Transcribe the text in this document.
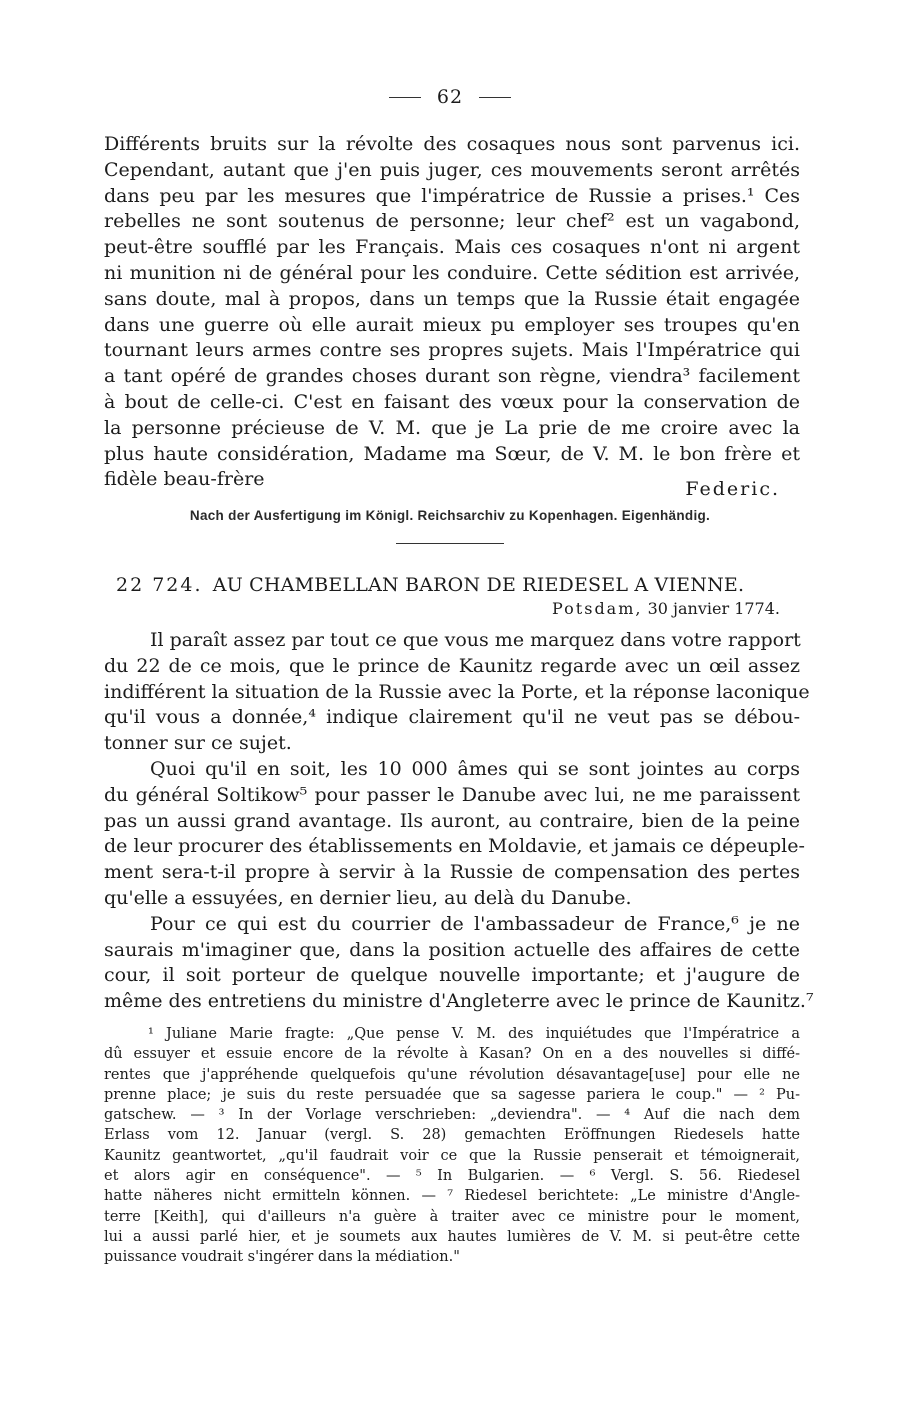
62
Différents bruits sur la révolte des cosaques nous sont parvenus ici.
Cependant, autant que j'en puis juger, ces mouvements seront arrêtés
dans peu par les mesures que l'impératrice de Russie a prises.¹ Ces
rebelles ne sont soutenus de personne; leur chef² est un vagabond,
peut-être soufflé par les Français. Mais ces cosaques n'ont ni argent
ni munition ni de général pour les conduire. Cette sédition est arrivée,
sans doute, mal à propos, dans un temps que la Russie était engagée
dans une guerre où elle aurait mieux pu employer ses troupes qu'en
tournant leurs armes contre ses propres sujets. Mais l'Impératrice qui
a tant opéré de grandes choses durant son règne, viendra³ facilement
à bout de celle-ci. C'est en faisant des vœux pour la conservation de
la personne précieuse de V. M. que je La prie de me croire avec la
plus haute considération, Madame ma Sœur, de V. M. le bon frère et
fidèle beau-frère	Federic.
Nach der Ausfertigung im Königl. Reichsarchiv zu Kopenhagen. Eigenhändig.
22 724. AU CHAMBELLAN BARON DE RIEDESEL A VIENNE.
Potsdam, 30 janvier 1774.
Il paraît assez par tout ce que vous me marquez dans votre rapport
du 22 de ce mois, que le prince de Kaunitz regarde avec un œil assez
indifférent la situation de la Russie avec la Porte, et la réponse laconique
qu'il vous a donnée,⁴ indique clairement qu'il ne veut pas se débou-
tonner sur ce sujet.
Quoi qu'il en soit, les 10 000 âmes qui se sont jointes au corps
du général Soltikow⁵ pour passer le Danube avec lui, ne me paraissent
pas un aussi grand avantage. Ils auront, au contraire, bien de la peine
de leur procurer des établissements en Moldavie, et jamais ce dépeuple-
ment sera-t-il propre à servir à la Russie de compensation des pertes
qu'elle a essuyées, en dernier lieu, au delà du Danube.
Pour ce qui est du courrier de l'ambassadeur de France,⁶ je ne
saurais m'imaginer que, dans la position actuelle des affaires de cette
cour, il soit porteur de quelque nouvelle importante; et j'augure de
même des entretiens du ministre d'Angleterre avec le prince de Kaunitz.⁷
¹ Juliane Marie fragte: „Que pense V. M. des inquiétudes que l'Impératrice a
dû essuyer et essuie encore de la révolte à Kasan? On en a des nouvelles si diffé-
rentes que j'appréhende quelquefois qu'une révolution désavantage[use] pour elle ne
prenne place; je suis du reste persuadée que sa sagesse pariera le coup." — ² Pu-
gatschew. — ³ In der Vorlage verschrieben: „deviendra". — ⁴ Auf die nach dem
Erlass vom 12. Januar (vergl. S. 28) gemachten Eröffnungen Riedesels hatte
Kaunitz geantwortet, „qu'il faudrait voir ce que la Russie penserait et témoignerait,
et alors agir en conséquence". — ⁵ In Bulgarien. — ⁶ Vergl. S. 56. Riedesel
hatte näheres nicht ermitteln können. — ⁷ Riedesel berichtete: „Le ministre d'Angle-
terre [Keith], qui d'ailleurs n'a guère à traiter avec ce ministre pour le moment,
lui a aussi parlé hier, et je soumets aux hautes lumières de V. M. si peut-être cette
puissance voudrait s'ingérer dans la médiation."
